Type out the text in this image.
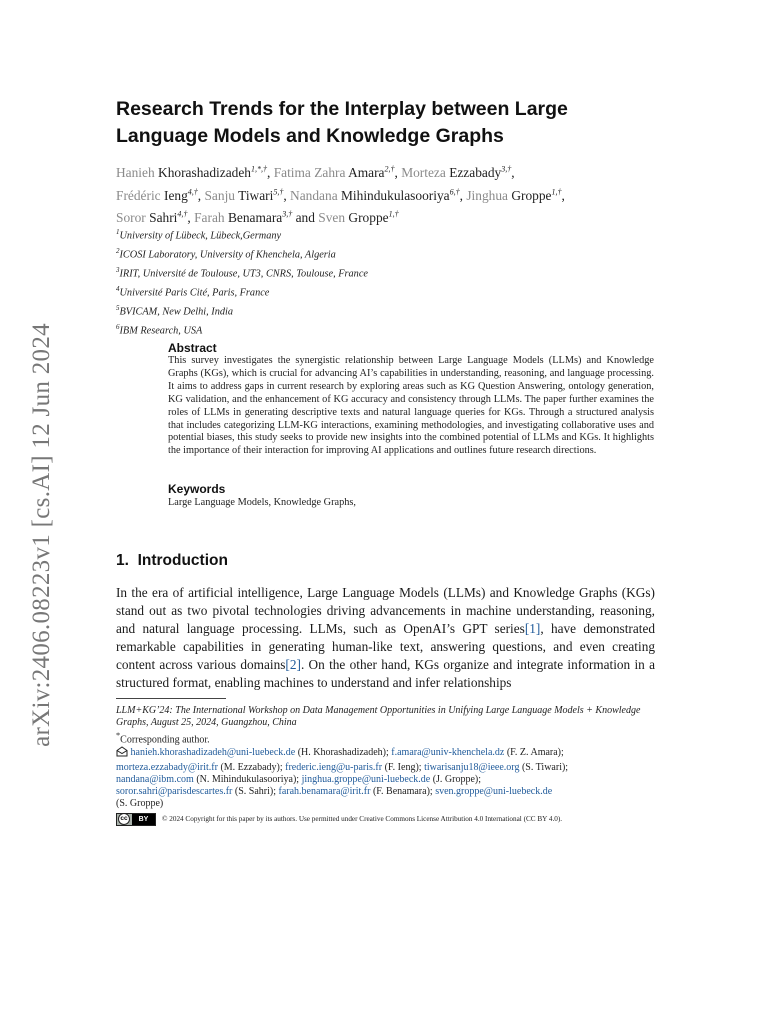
arXiv:2406.08223v1 [cs.AI] 12 Jun 2024
Research Trends for the Interplay between Large Language Models and Knowledge Graphs
Hanieh Khorashadizadeh$^{1,*,\dagger}$, Fatima Zahra Amara$^{2,\dagger}$, Morteza Ezzabady$^{3,\dagger}$,
Frédéric Ieng$^{4,\dagger}$, Sanju Tiwari$^{5,\dagger}$, Nandana Mihindukulasooriya$^{6,\dagger}$, Jinghua Groppe$^{1,\dagger}$,
Soror Sahri$^{4,\dagger}$, Farah Benamara$^{3,\dagger}$ and Sven Groppe$^{1,\dagger}$
$^1$University of Lübeck, Lübeck,Germany
$^2$ICOSI Laboratory, University of Khenchela, Algeria
$^3$IRIT, Université de Toulouse, UT3, CNRS, Toulouse, France
$^4$Université Paris Cité, Paris, France
$^5$BVICAM, New Delhi, India
$^6$IBM Research, USA
Abstract
This survey investigates the synergistic relationship between Large Language Models (LLMs) and Knowledge Graphs (KGs), which is crucial for advancing AI’s capabilities in understanding, reasoning, and language processing. It aims to address gaps in current research by exploring areas such as KG Question Answering, ontology generation, KG validation, and the enhancement of KG accuracy and consistency through LLMs. The paper further examines the roles of LLMs in generating descriptive texts and natural language queries for KGs. Through a structured analysis that includes categorizing LLM-KG interactions, examining methodologies, and investigating collaborative uses and potential biases, this study seeks to provide new insights into the combined potential of LLMs and KGs. It highlights the importance of their interaction for improving AI applications and outlines future research directions.
Keywords
Large Language Models, Knowledge Graphs,
1. Introduction
In the era of artificial intelligence, Large Language Models (LLMs) and Knowledge Graphs (KGs) stand out as two pivotal technologies driving advancements in machine understanding, reasoning, and natural language processing. LLMs, such as OpenAI’s GPT series[1], have demonstrated remarkable capabilities in generating human-like text, answering questions, and even creating content across various domains[2]. On the other hand, KGs organize and integrate information in a structured format, enabling machines to understand and infer relationships
LLM+KG’24: The International Workshop on Data Management Opportunities in Unifying Large Language Models + Knowledge Graphs, August 25, 2024, Guangzhou, China
*Corresponding author.
hanieh.khorashadizadeh@uni-luebeck.de (H. Khorashadizadeh); f.amara@univ-khenchela.dz (F. Z. Amara);
morteza.ezzabady@irit.fr (M. Ezzabady); frederic.ieng@u-paris.fr (F. Ieng); tiwarisanju18@ieee.org (S. Tiwari);
nandana@ibm.com (N. Mihindukulasooriya); jinghua.groppe@uni-luebeck.de (J. Groppe);
soror.sahri@parisdescartes.fr (S. Sahri); farah.benamara@irit.fr (F. Benamara); sven.groppe@uni-luebeck.de
(S. Groppe)
cc	BY	© 2024 Copyright for this paper by its authors. Use permitted under Creative Commons License Attribution 4.0 International (CC BY 4.0).
